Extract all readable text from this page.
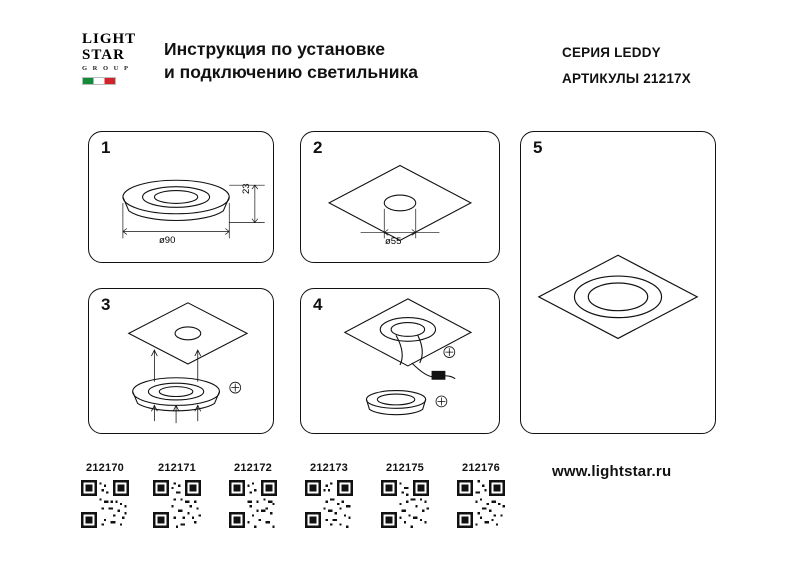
LIGHT
STAR
G R O U P
Инструкция по установке
и подключению светильника
СЕРИЯ LEDDY
АРТИКУЛЫ 21217X
1
23
ø90
2
ø55
3	4
5
212170	212171	212172	212173	212175	212176	www.lightstar.ru
